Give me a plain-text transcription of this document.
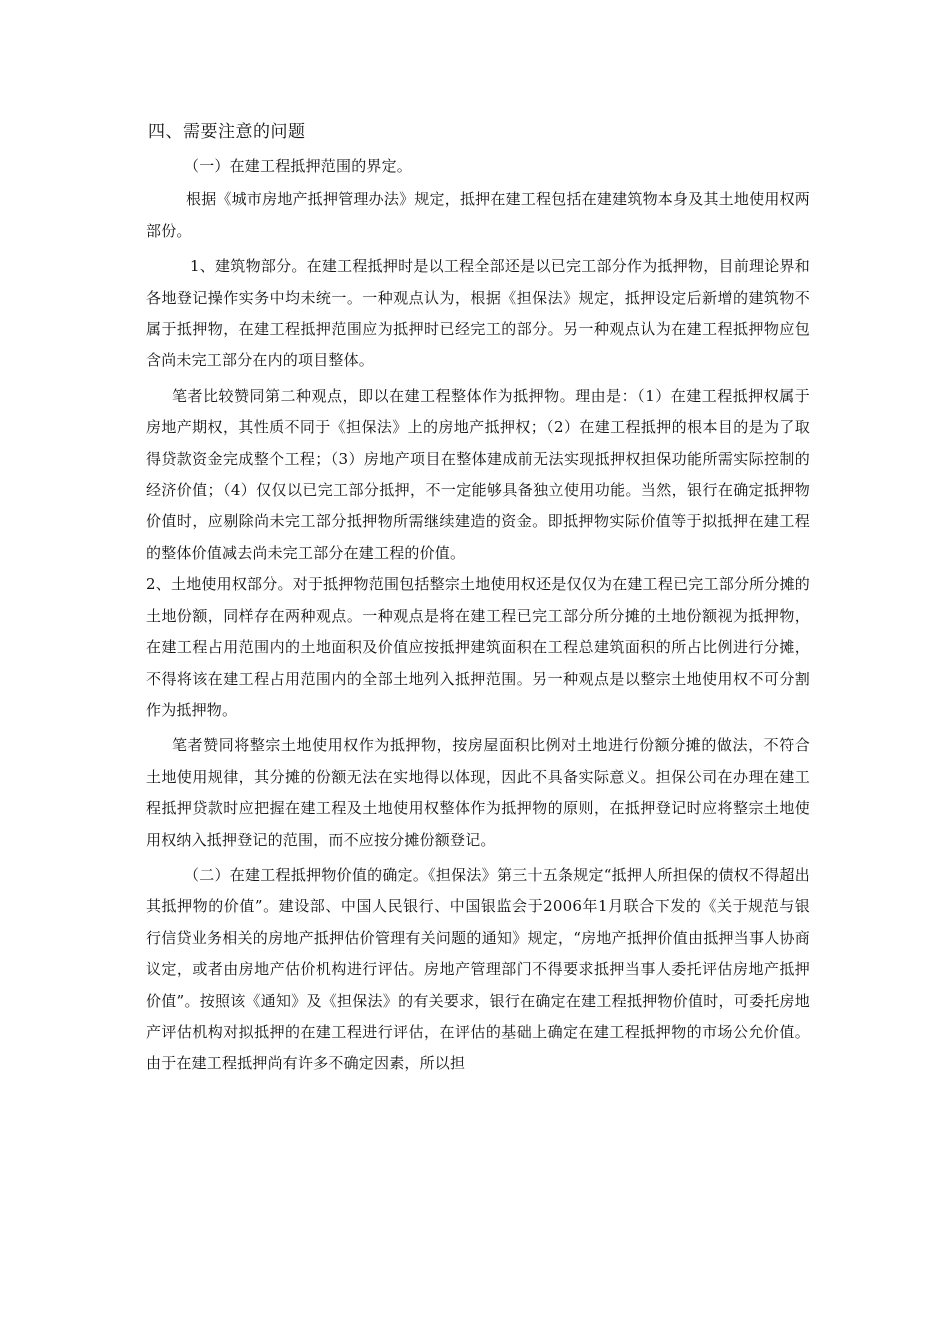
四、需要注意的问题

（一）在建工程抵押范围的界定。

根据《城市房地产抵押管理办法》规定，抵押在建工程包括在建建筑物本身及其土地使用权两部份。

1、建筑物部分。在建工程抵押时是以工程全部还是以已完工部分作为抵押物，目前理论界和各地登记操作实务中均未统一。一种观点认为，根据《担保法》规定，抵押设定后新增的建筑物不属于抵押物，在建工程抵押范围应为抵押时已经完工的部分。另一种观点认为在建工程抵押物应包含尚未完工部分在内的项目整体。

笔者比较赞同第二种观点，即以在建工程整体作为抵押物。理由是：（1）在建工程抵押权属于房地产期权，其性质不同于《担保法》上的房地产抵押权；（2）在建工程抵押的根本目的是为了取得贷款资金完成整个工程；（3）房地产项目在整体建成前无法实现抵押权担保功能所需实际控制的经济价值；（4）仅仅以已完工部分抵押，不一定能够具备独立使用功能。当然，银行在确定抵押物价值时，应剔除尚未完工部分抵押物所需继续建造的资金。即抵押物实际价值等于拟抵押在建工程的整体价值减去尚未完工部分在建工程的价值。

2、土地使用权部分。对于抵押物范围包括整宗土地使用权还是仅仅为在建工程已完工部分所分摊的土地份额，同样存在两种观点。一种观点是将在建工程已完工部分所分摊的土地份额视为抵押物，在建工程占用范围内的土地面积及价值应按抵押建筑面积在工程总建筑面积的所占比例进行分摊，不得将该在建工程占用范围内的全部土地列入抵押范围。另一种观点是以整宗土地使用权不可分割作为抵押物。

笔者赞同将整宗土地使用权作为抵押物，按房屋面积比例对土地进行份额分摊的做法，不符合土地使用规律，其分摊的份额无法在实地得以体现，因此不具备实际意义。担保公司在办理在建工程抵押贷款时应把握在建工程及土地使用权整体作为抵押物的原则，在抵押登记时应将整宗土地使用权纳入抵押登记的范围，而不应按分摊份额登记。

（二）在建工程抵押物价值的确定。《担保法》第三十五条规定“抵押人所担保的债权不得超出其抵押物的价值”。建设部、中国人民银行、中国银监会于2006年1月联合下发的《关于规范与银行信贷业务相关的房地产抵押估价管理有关问题的通知》规定，“房地产抵押价值由抵押当事人协商议定，或者由房地产估价机构进行评估。房地产管理部门不得要求抵押当事人委托评估房地产抵押价值”。按照该《通知》及《担保法》的有关要求，银行在确定在建工程抵押物价值时，可委托房地产评估机构对拟抵押的在建工程进行评估，在评估的基础上确定在建工程抵押物的市场公允价值。由于在建工程抵押尚有许多不确定因素，所以担
